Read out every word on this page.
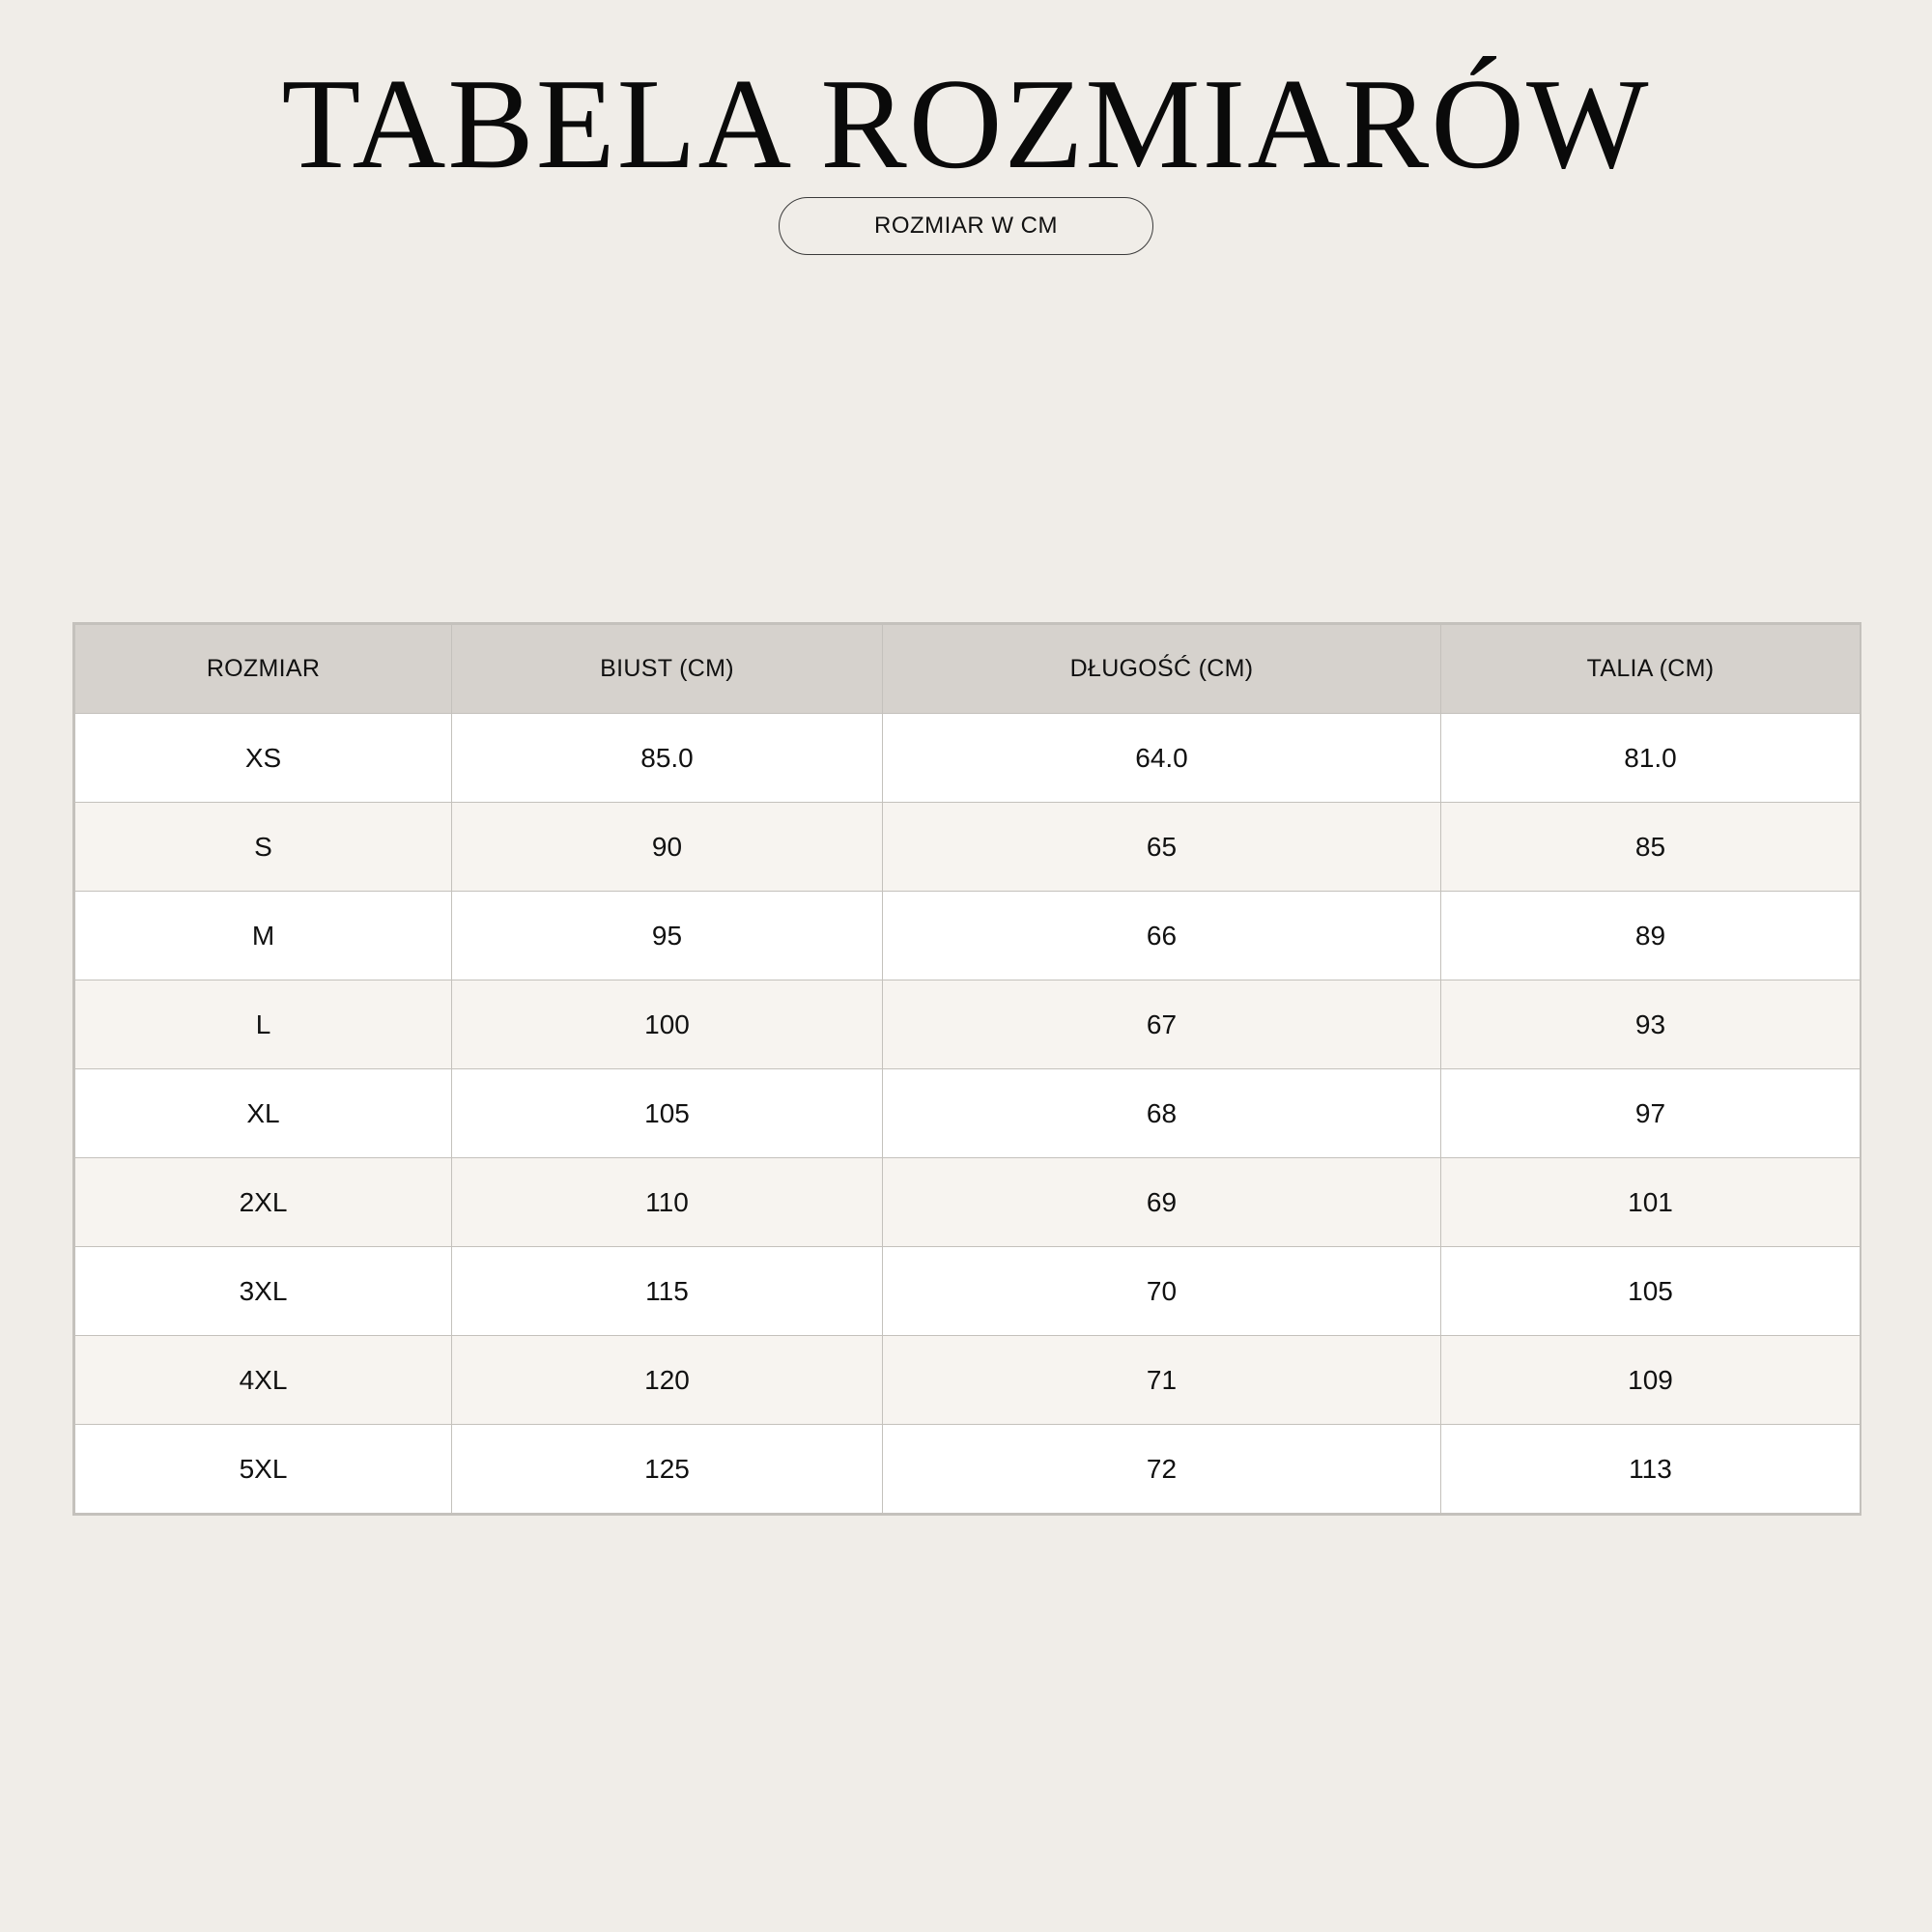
TABELA ROZMIARÓW
ROZMIAR W CM
ROZMIAR	BIUST (CM)	DŁUGOŚĆ (CM)	TALIA (CM)
XS	85.0	64.0	81.0
S	90	65	85
M	95	66	89
L	100	67	93
XL	105	68	97
2XL	110	69	101
3XL	115	70	105
4XL	120	71	109
5XL	125	72	113
